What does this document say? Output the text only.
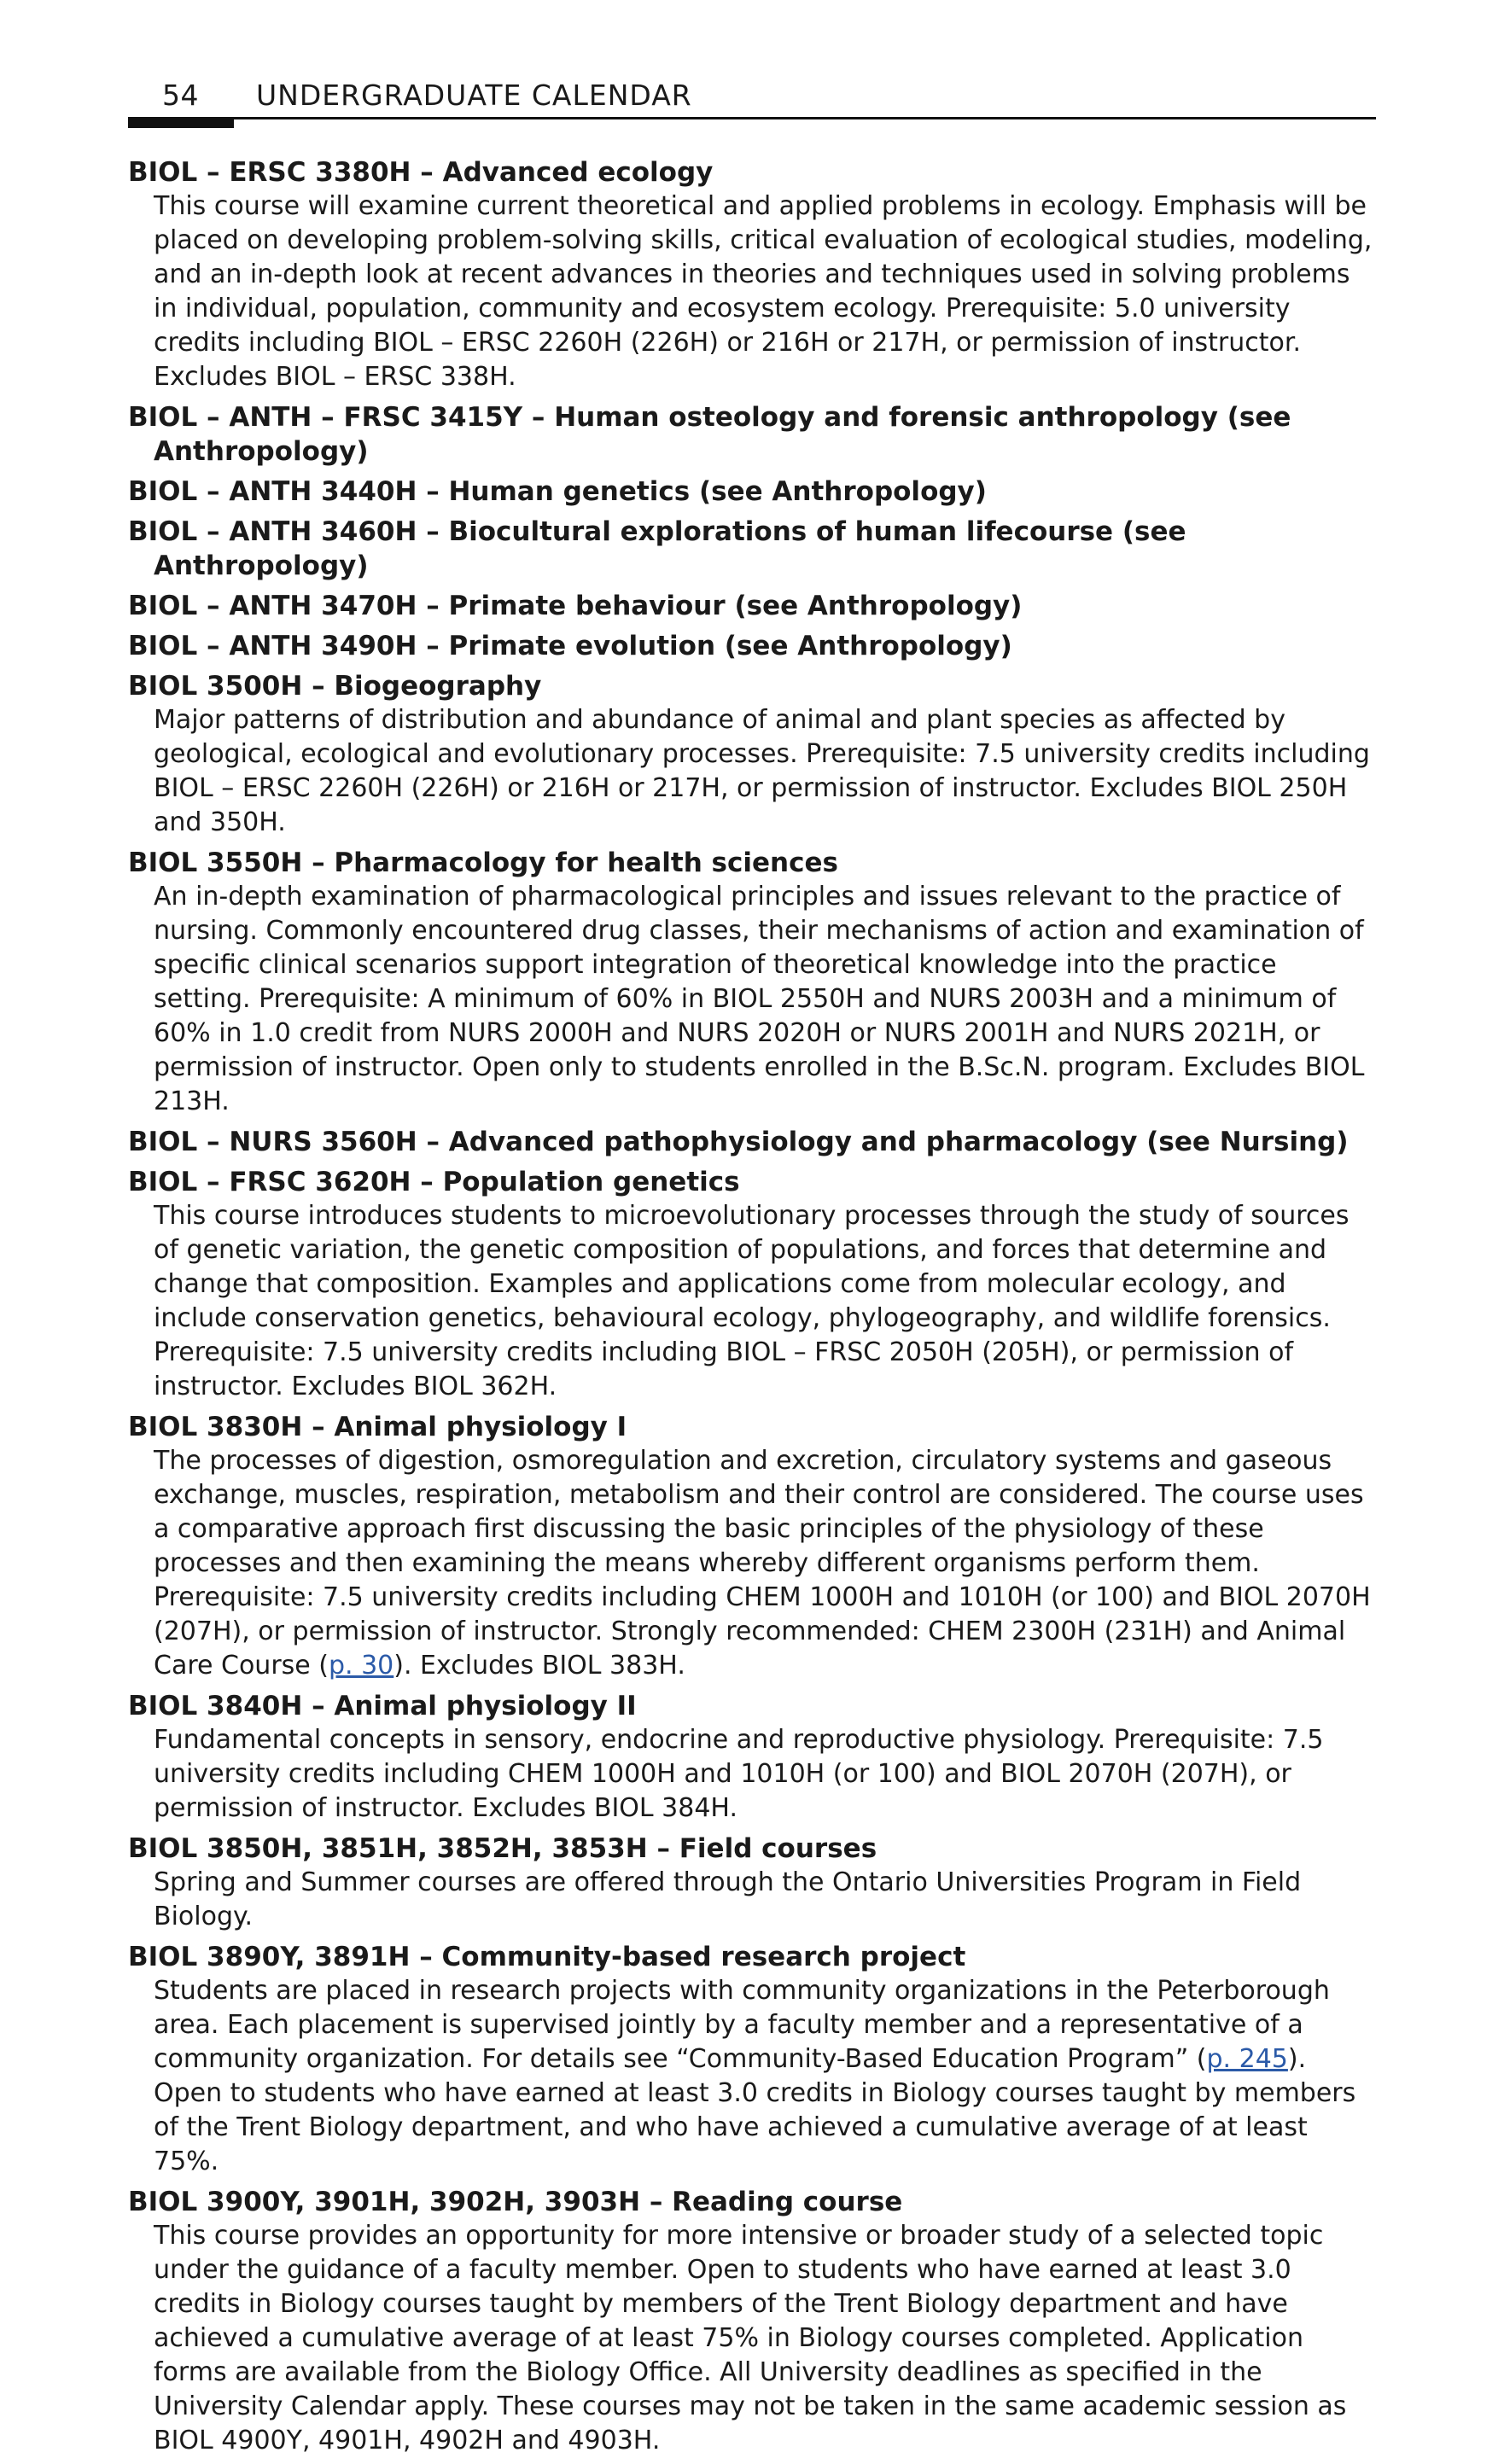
54 UNDERGRADUATE CALENDAR
BIOL – ERSC 3380H – Advanced ecology
This course will examine current theoretical and applied problems in ecology. Emphasis will be placed on developing problem-solving skills, critical evaluation of ecological studies, modeling, and an in-depth look at recent advances in theories and techniques used in solving problems in individual, population, community and ecosystem ecology. Prerequisite: 5.0 university credits including BIOL – ERSC 2260H (226H) or 216H or 217H, or permission of instructor. Excludes BIOL – ERSC 338H.
BIOL – ANTH – FRSC 3415Y – Human osteology and forensic anthropology (see Anthropology)
BIOL – ANTH 3440H – Human genetics (see Anthropology)
BIOL – ANTH 3460H – Biocultural explorations of human lifecourse (see Anthropology)
BIOL – ANTH 3470H – Primate behaviour (see Anthropology)
BIOL – ANTH 3490H – Primate evolution (see Anthropology)
BIOL 3500H – Biogeography
Major patterns of distribution and abundance of animal and plant species as affected by geological, ecological and evolutionary processes. Prerequisite: 7.5 university credits including BIOL – ERSC 2260H (226H) or 216H or 217H, or permission of instructor. Excludes BIOL 250H and 350H.
BIOL 3550H – Pharmacology for health sciences
An in-depth examination of pharmacological principles and issues relevant to the practice of nursing. Commonly encountered drug classes, their mechanisms of action and examination of specific clinical scenarios support integration of theoretical knowledge into the practice setting. Prerequisite: A minimum of 60% in BIOL 2550H and NURS 2003H and a minimum of 60% in 1.0 credit from NURS 2000H and NURS 2020H or NURS 2001H and NURS 2021H, or permission of instructor. Open only to students enrolled in the B.Sc.N. program. Excludes BIOL 213H.
BIOL – NURS 3560H – Advanced pathophysiology and pharmacology (see Nursing)
BIOL – FRSC 3620H – Population genetics
This course introduces students to microevolutionary processes through the study of sources of genetic variation, the genetic composition of populations, and forces that determine and change that composition. Examples and applications come from molecular ecology, and include conservation genetics, behavioural ecology, phylogeography, and wildlife forensics. Prerequisite: 7.5 university credits including BIOL – FRSC 2050H (205H), or permission of instructor. Excludes BIOL 362H.
BIOL 3830H – Animal physiology I
The processes of digestion, osmoregulation and excretion, circulatory systems and gaseous exchange, muscles, respiration, metabolism and their control are considered. The course uses a comparative approach first discussing the basic principles of the physiology of these processes and then examining the means whereby different organisms perform them. Prerequisite: 7.5 university credits including CHEM 1000H and 1010H (or 100) and BIOL 2070H (207H), or permission of instructor. Strongly recommended: CHEM 2300H (231H) and Animal Care Course (p. 30). Excludes BIOL 383H.
BIOL 3840H – Animal physiology II
Fundamental concepts in sensory, endocrine and reproductive physiology. Prerequisite: 7.5 university credits including CHEM 1000H and 1010H (or 100) and BIOL 2070H (207H), or permission of instructor. Excludes BIOL 384H.
BIOL 3850H, 3851H, 3852H, 3853H – Field courses
Spring and Summer courses are offered through the Ontario Universities Program in Field Biology.
BIOL 3890Y, 3891H – Community-based research project
Students are placed in research projects with community organizations in the Peterborough area. Each placement is supervised jointly by a faculty member and a representative of a community organization. For details see “Community-Based Education Program” (p. 245). Open to students who have earned at least 3.0 credits in Biology courses taught by members of the Trent Biology department, and who have achieved a cumulative average of at least 75%.
BIOL 3900Y, 3901H, 3902H, 3903H – Reading course
This course provides an opportunity for more intensive or broader study of a selected topic under the guidance of a faculty member. Open to students who have earned at least 3.0 credits in Biology courses taught by members of the Trent Biology department and have achieved a cumulative average of at least 75% in Biology courses completed. Application forms are available from the Biology Office. All University deadlines as specified in the University Calendar apply. These courses may not be taken in the same academic session as BIOL 4900Y, 4901H, 4902H and 4903H.
